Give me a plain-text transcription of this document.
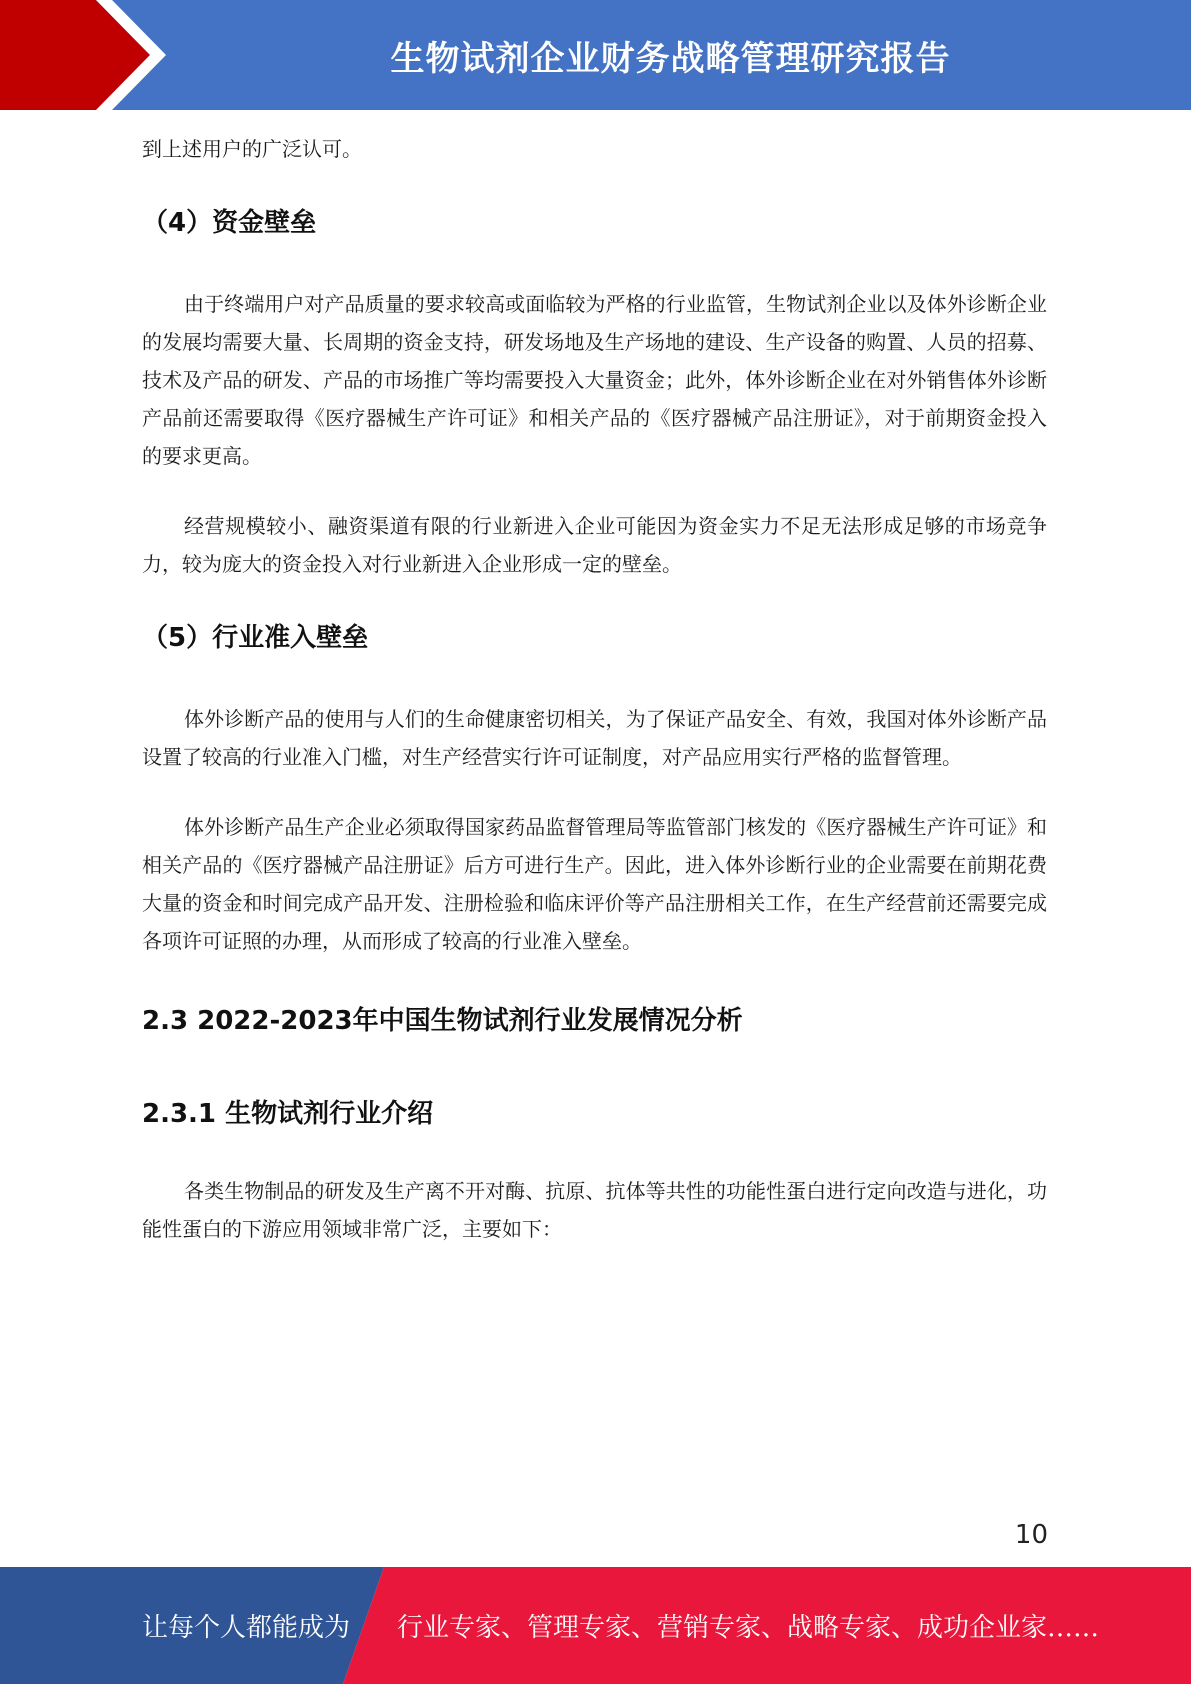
生物试剂企业财务战略管理研究报告

到上述用户的广泛认可。

（4）资金壁垒

由于终端用户对产品质量的要求较高或面临较为严格的行业监管，生物试剂企业以及体外诊断企业的发展均需要大量、长周期的资金支持，研发场地及生产场地的建设、生产设备的购置、人员的招募、技术及产品的研发、产品的市场推广等均需要投入大量资金；此外，体外诊断企业在对外销售体外诊断产品前还需要取得《医疗器械生产许可证》和相关产品的《医疗器械产品注册证》，对于前期资金投入的要求更高。

经营规模较小、融资渠道有限的行业新进入企业可能因为资金实力不足无法形成足够的市场竞争力，较为庞大的资金投入对行业新进入企业形成一定的壁垒。

（5）行业准入壁垒

体外诊断产品的使用与人们的生命健康密切相关，为了保证产品安全、有效，我国对体外诊断产品设置了较高的行业准入门槛，对生产经营实行许可证制度，对产品应用实行严格的监督管理。

体外诊断产品生产企业必须取得国家药品监督管理局等监管部门核发的《医疗器械生产许可证》和相关产品的《医疗器械产品注册证》后方可进行生产。因此，进入体外诊断行业的企业需要在前期花费大量的资金和时间完成产品开发、注册检验和临床评价等产品注册相关工作，在生产经营前还需要完成各项许可证照的办理，从而形成了较高的行业准入壁垒。

2.3 2022-2023年中国生物试剂行业发展情况分析
2.3.1 生物试剂行业介绍

各类生物制品的研发及生产离不开对酶、抗原、抗体等共性的功能性蛋白进行定向改造与进化，功能性蛋白的下游应用领域非常广泛，主要如下：

10
让每个人都能成为 行业专家、管理专家、营销专家、战略专家、成功企业家……
